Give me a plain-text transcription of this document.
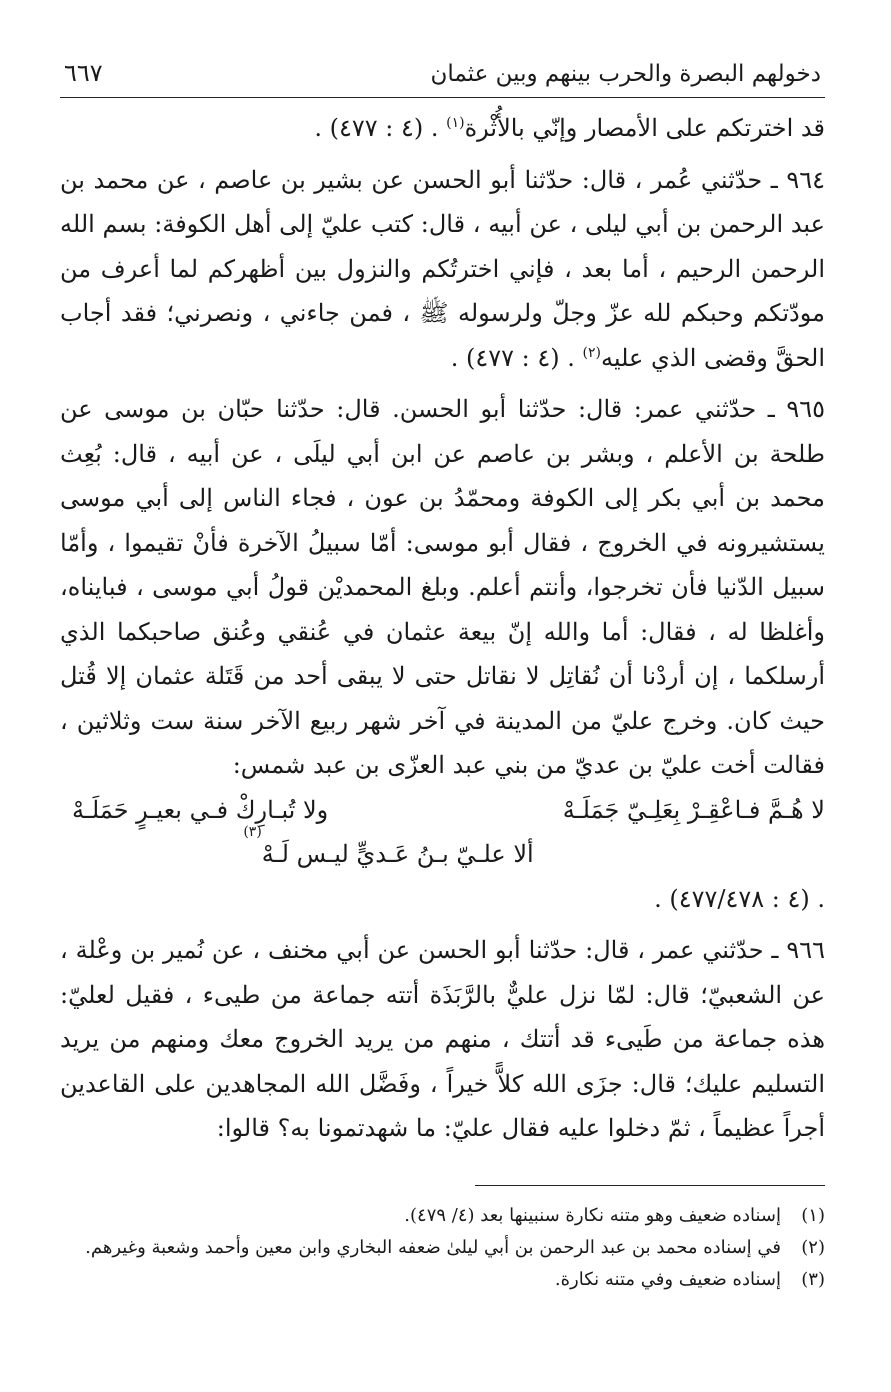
دخولهم البصرة والحرب بينهم وبين عثمان
٦٦٧

قد اخترتكم على الأمصار وإنّي بالأُثْرة$^{(١)}$ . (٤ : ٤٧٧) .

٩٦٤ ـ حدّثني عُمر ، قال: حدّثنا أبو الحسن عن بشير بن عاصم ، عن محمد بن عبد الرحمن بن أبي ليلى ، عن أبيه ، قال: كتب عليّ إلى أهل الكوفة: بسم الله الرحمن الرحيم ، أما بعد ، فإني اخترتُكم والنزول بين أظهركم لما أعرف من مودّتكم وحبكم لله عزّ وجلّ ولرسوله ﷺ ، فمن جاءني ، ونصرني؛ فقد أجاب الحقَّ وقضى الذي عليه$^{(٢)}$ . (٤ : ٤٧٧) .

٩٦٥ ـ حدّثني عمر: قال: حدّثنا أبو الحسن. قال: حدّثنا حبّان بن موسى عن طلحة بن الأعلم ، وبشر بن عاصم عن ابن أبي ليلَى ، عن أبيه ، قال: بُعِث محمد بن أبي بكر إلى الكوفة ومحمّدُ بن عون ، فجاء الناس إلى أبي موسى يستشيرونه في الخروج ، فقال أبو موسى: أمّا سبيلُ الآخرة فأنْ تقيموا ، وأمّا سبيل الدّنيا فأن تخرجوا، وأنتم أعلم. وبلغ المحمديْن قولُ أبي موسى ، فبايناه، وأغلظا له ، فقال: أما والله إنّ بيعة عثمان في عُنقي وعُنق صاحبكما الذي أرسلكما ، إن أردْنا أن نُقاتِل لا نقاتل حتى لا يبقى أحد من قَتَلة عثمان إلا قُتل حيث كان. وخرج عليّ من المدينة في آخر شهر ربيع الآخر سنة ست وثلاثين ، فقالت أخت عليّ بن عديّ من بني عبد العزّى بن عبد شمس:

لا هُـمَّ فـاعْقِـرْ بِعَلِـيّ جَمَلَـهْ
ولا تُبـارِكْ فـي بعيـرٍ حَمَلَـهْ
ألا علـيّ بـنُ عَـديٍّ ليـس لَـهْ
(٣)

. (٤ : ٤٧٧/٤٧٨) .

٩٦٦ ـ حدّثني عمر ، قال: حدّثنا أبو الحسن عن أبي مخنف ، عن نُمير بن وعْلة ، عن الشعبيّ؛ قال: لمّا نزل عليٌّ بالرَّبَذَة أتته جماعة من طيىء ، فقيل لعليّ: هذه جماعة من طَيىء قد أتتك ، منهم من يريد الخروج معك ومنهم من يريد التسليم عليك؛ قال: جزَى الله كلاًّ خيراً ، وفَضَّل الله المجاهدين على القاعدين أجراً عظيماً ، ثمّ دخلوا عليه فقال عليّ: ما شهدتمونا به؟ قالوا:

(١)
إسناده ضعيف وهو متنه نكارة سنبينها بعد (٤/ ٤٧٩).
(٢)
في إسناده محمد بن عبد الرحمن بن أبي ليلىٰ ضعفه البخاري وابن معين وأحمد وشعبة وغيرهم.
(٣)
إسناده ضعيف وفي متنه نكارة.
